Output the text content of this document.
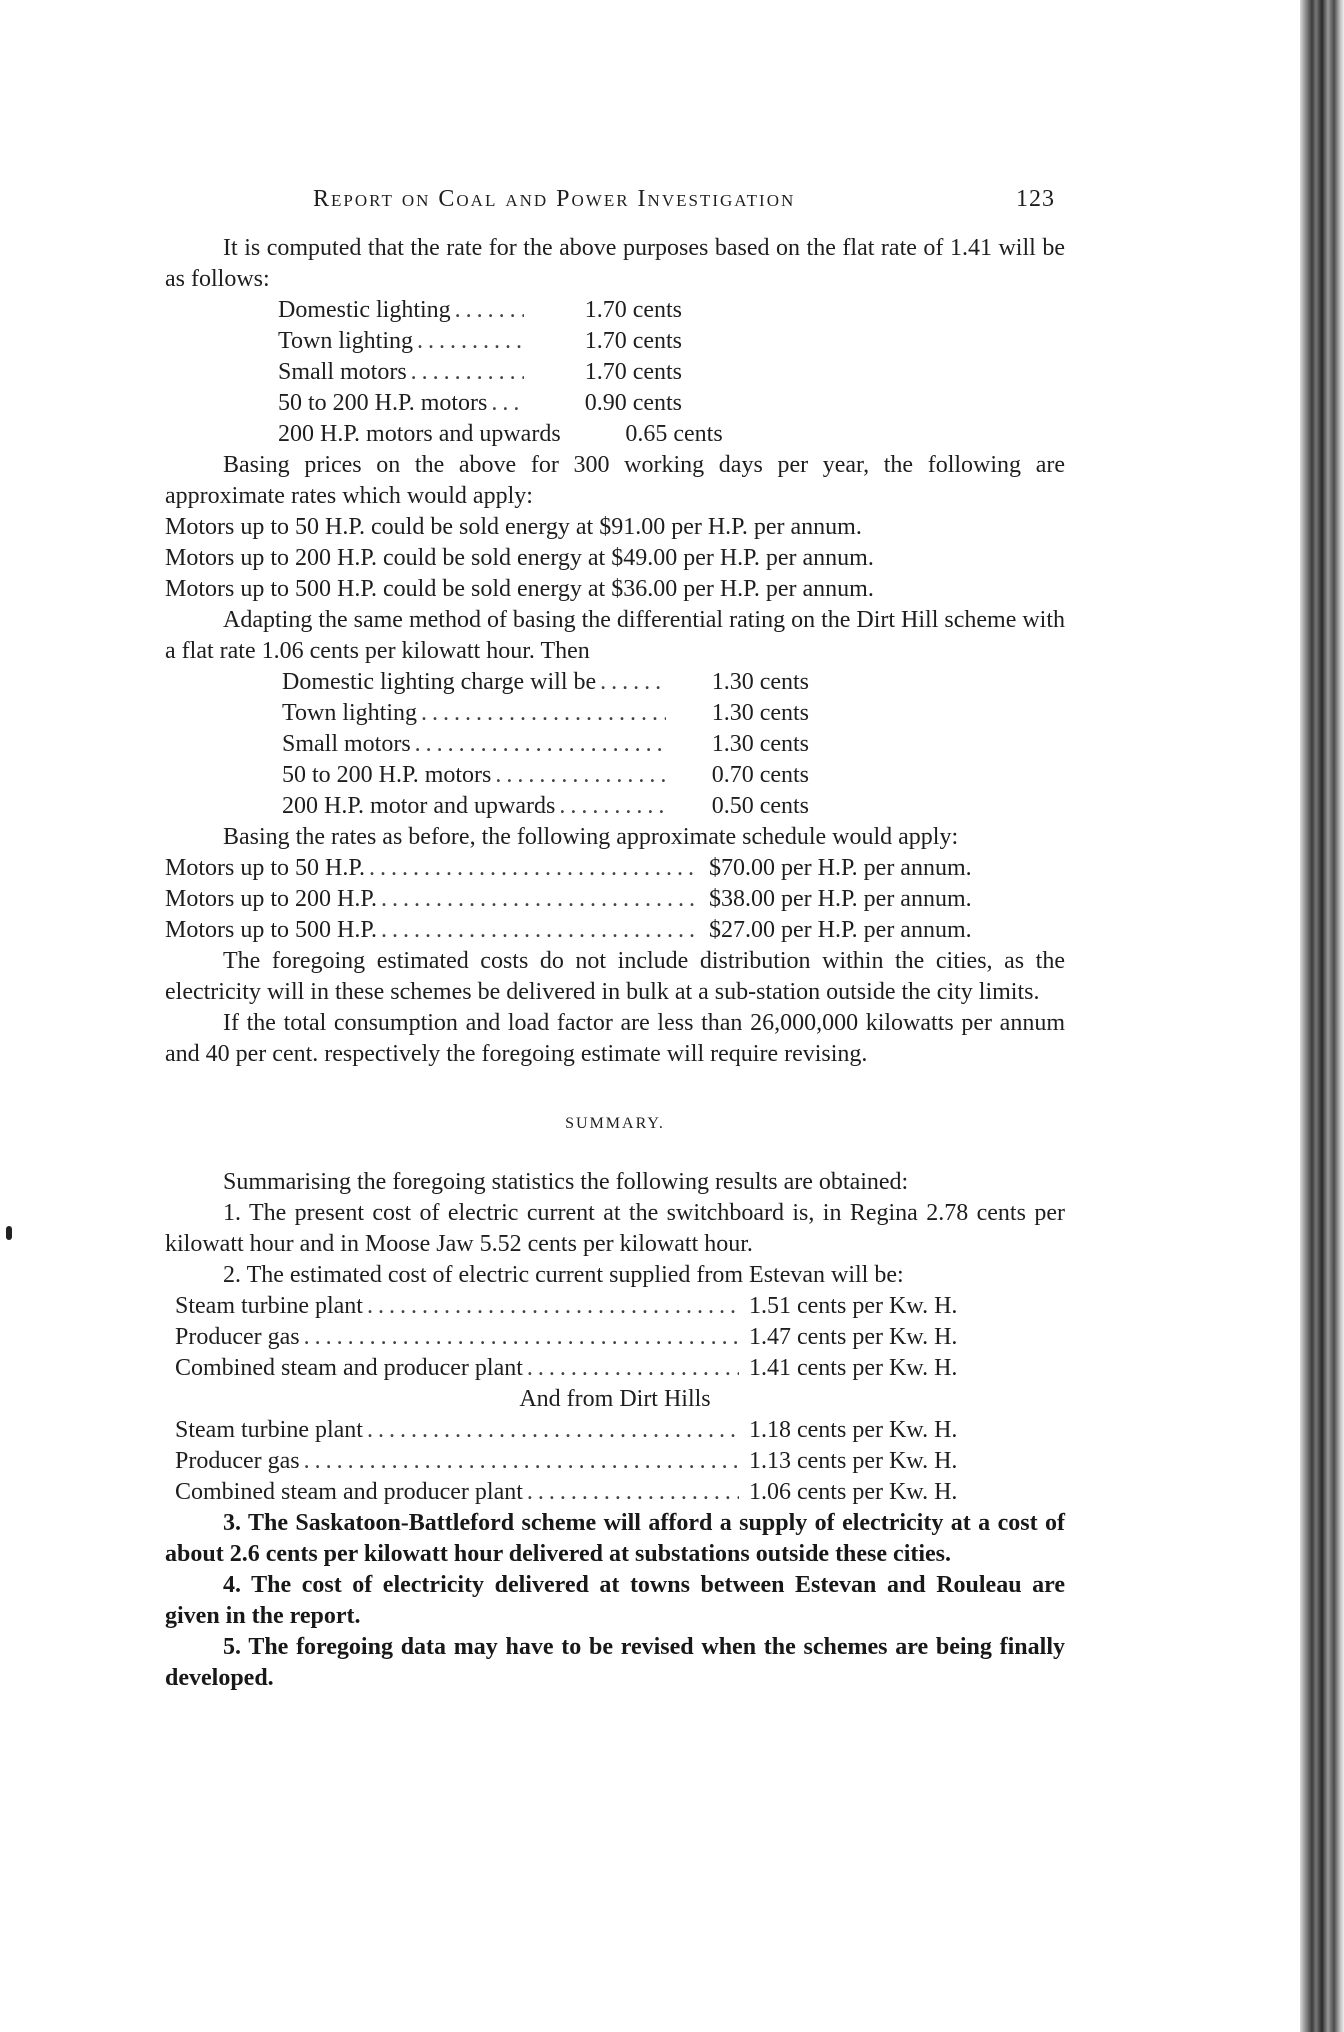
Report on Coal and Power Investigation	123

It is computed that the rate for the above purposes based on the flat rate of 1.41 will be as follows:

Domestic lighting .....	1.70 cents
Town lighting .....	1.70 cents
Small motors .....	1.70 cents
50 to 200 H.P. motors .....	0.90 cents
200 H.P. motors and upwards	0.65 cents

Basing prices on the above for 300 working days per year, the following are approximate rates which would apply:

Motors up to 50 H.P. could be sold energy at $91.00 per H.P. per annum.

Motors up to 200 H.P. could be sold energy at $49.00 per H.P. per annum.

Motors up to 500 H.P. could be sold energy at $36.00 per H.P. per annum.

Adapting the same method of basing the differential rating on the Dirt Hill scheme with a flat rate 1.06 cents per kilowatt hour. Then

Domestic lighting charge will be .....	1.30 cents
Town lighting .....	1.30 cents
Small motors .....	1.30 cents
50 to 200 H.P. motors .....	0.70 cents
200 H.P. motor and upwards .....	0.50 cents

Basing the rates as before, the following approximate schedule would apply:

Motors up to 50 H.P. .....	$70.00 per H.P. per annum.
Motors up to 200 H.P. .....	$38.00 per H.P. per annum.
Motors up to 500 H.P. .....	$27.00 per H.P. per annum.

The foregoing estimated costs do not include distribution within the cities, as the electricity will in these schemes be delivered in bulk at a sub-station outside the city limits.

If the total consumption and load factor are less than 26,000,000 kilowatts per annum and 40 per cent. respectively the foregoing estimate will require revising.

SUMMARY.

Summarising the foregoing statistics the following results are obtained:

1. The present cost of electric current at the switchboard is, in Regina 2.78 cents per kilowatt hour and in Moose Jaw 5.52 cents per kilowatt hour.

2. The estimated cost of electric current supplied from Estevan will be:

Steam turbine plant .....	1.51 cents per Kw. H.
Producer gas .....	1.47 cents per Kw. H.
Combined steam and producer plant .....	1.41 cents per Kw. H.
And from Dirt Hills
Steam turbine plant .....	1.18 cents per Kw. H.
Producer gas .....	1.13 cents per Kw. H.
Combined steam and producer plant .....	1.06 cents per Kw. H.

3. The Saskatoon-Battleford scheme will afford a supply of electricity at a cost of about 2.6 cents per kilowatt hour delivered at substations outside these cities.

4. The cost of electricity delivered at towns between Estevan and Rouleau are given in the report.

5. The foregoing data may have to be revised when the schemes are being finally developed.
